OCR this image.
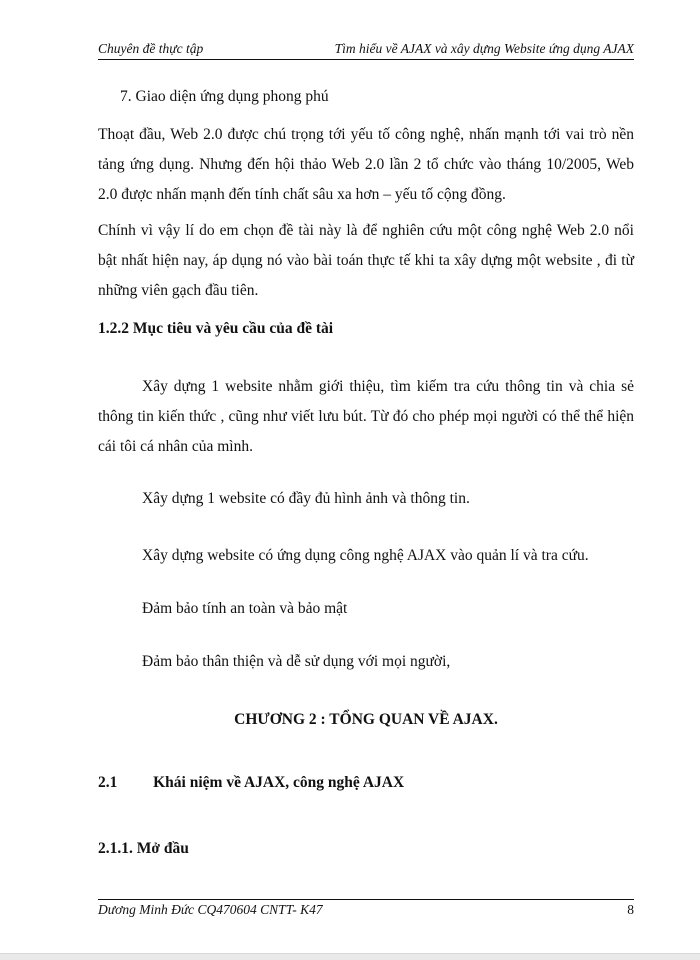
Chuyên đề thực tập	Tìm hiểu về AJAX và xây dựng Website ứng dụng AJAX

7. Giao diện ứng dụng phong phú

Thoạt đầu, Web 2.0 được chú trọng tới yếu tố công nghệ, nhấn mạnh tới vai trò nền tảng ứng dụng. Nhưng đến hội thảo Web 2.0 lần 2 tổ chức vào tháng 10/2005, Web 2.0 được nhấn mạnh đến tính chất sâu xa hơn – yếu tố cộng đồng.

Chính vì vậy lí do em chọn đề tài này là để nghiên cứu một công nghệ Web 2.0 nổi bật nhất hiện nay, áp dụng nó vào bài toán thực tế khi ta xây dựng một website , đi từ những viên gạch đầu tiên.

1.2.2 Mục tiêu và yêu cầu của đề tài

Xây dựng 1 website nhằm giới thiệu, tìm kiếm tra cứu thông tin và chia sẻ thông tin kiến thức , cũng như viết lưu bút. Từ đó cho phép mọi người có thể thể hiện cái tôi cá nhân của mình.

Xây dựng 1 website có đầy đủ hình ảnh và thông tin.

Xây dựng website có ứng dụng công nghệ AJAX vào quản lí và tra cứu.

Đảm bảo tính an toàn và bảo mật

Đảm bảo thân thiện và dễ sử dụng với mọi người,

CHƯƠNG 2 : TỔNG QUAN VỀ AJAX.

2.1 Khái niệm về AJAX, công nghệ AJAX

2.1.1. Mở đầu

Dương Minh Đức CQ470604 CNTT- K47	8
